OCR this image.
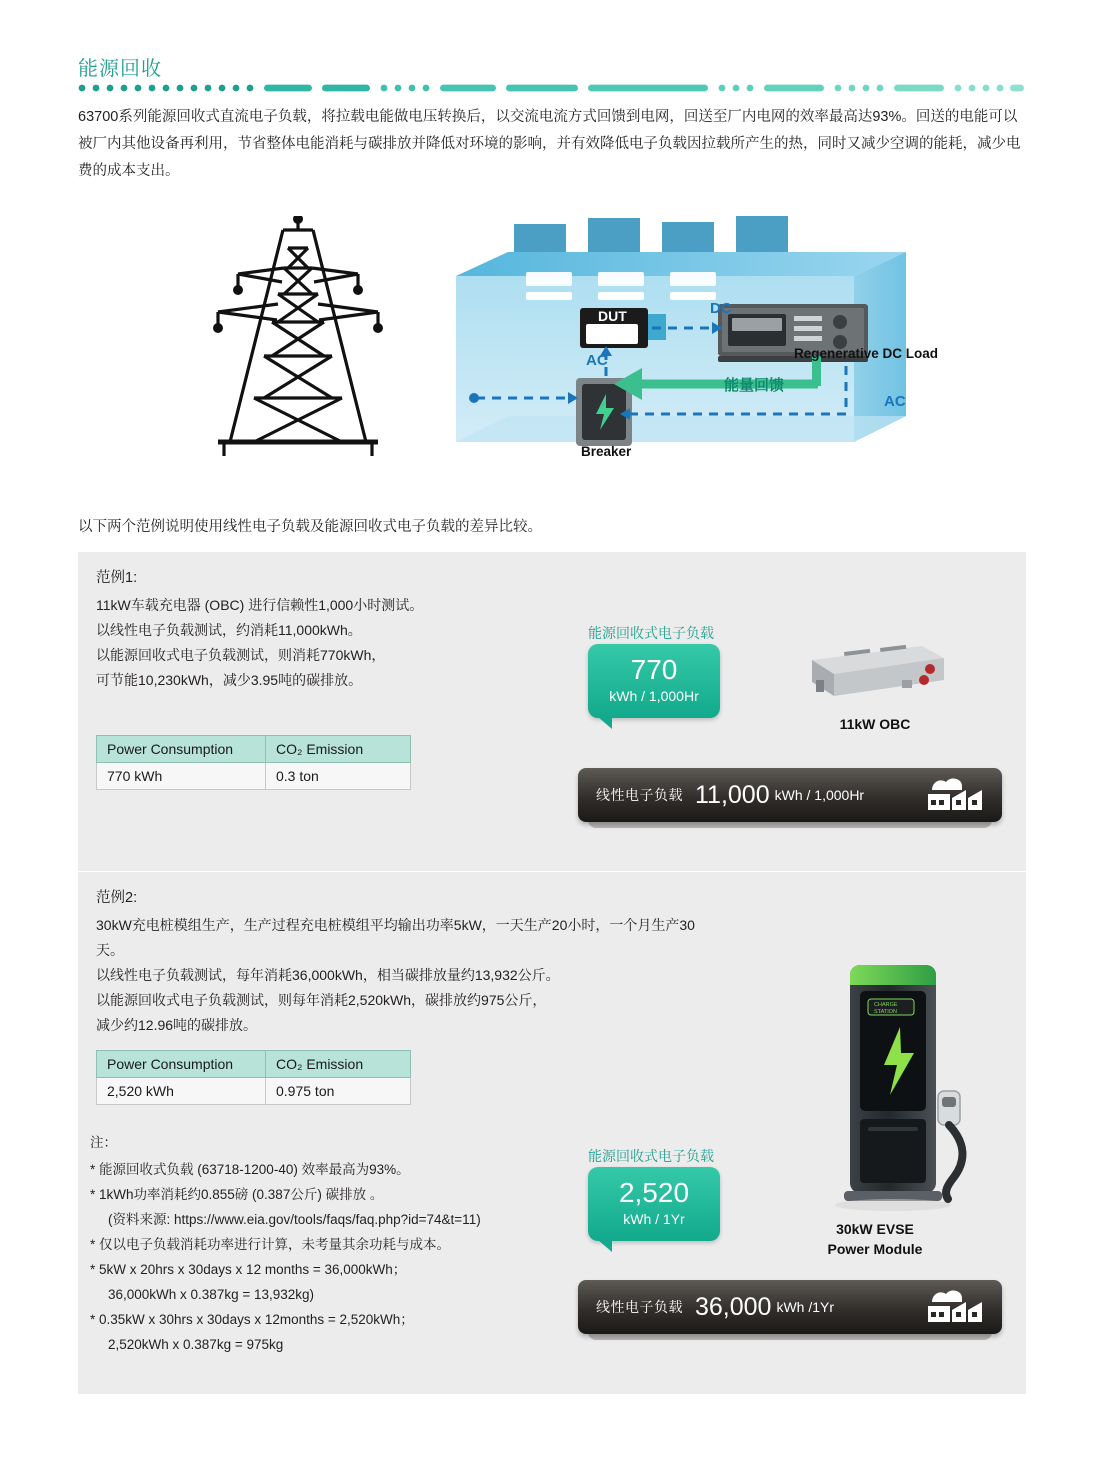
能源回收
63700系列能源回收式直流电子负载，将拉载电能做电压转换后，以交流电流方式回馈到电网，回送至厂内电网的效率最高达93%。回送的电能可以被厂内其他设备再利用，节省整体电能消耗与碳排放并降低对环境的影响，并有效降低电子负载因拉载所产生的热，同时又减少空调的能耗，减少电费的成本支出。
DUT	DC
AC
AC
能量回馈
Regenerative DC Load
Breaker
以下两个范例说明使用线性电子负载及能源回收式电子负载的差异比较。
范例1:
11kW车载充电器 (OBC) 进行信赖性1,000小时测试。
以线性电子负载测试，约消耗11,000kWh。
以能源回收式电子负载测试，则消耗770kWh，
可节能10,230kWh，减少3.95吨的碳排放。
Power Consumption	CO₂ Emission
770 kWh	0.3 ton
能源回收式电子负载
770
kWh / 1,000Hr
线性电子负载 11,000 kWh / 1,000Hr
11kW OBC
范例2:
30kW充电桩模组生产，生产过程充电桩模组平均输出功率5kW，一天生产20小时，一个月生产30天。
以线性电子负载测试，每年消耗36,000kWh，相当碳排放量约13,932公斤。
以能源回收式电子负载测试，则每年消耗2,520kWh，碳排放约975公斤，
减少约12.96吨的碳排放。
Power Consumption	CO₂ Emission
2,520 kWh	0.975 ton
注：
* 能源回收式负载 (63718-1200-40) 效率最高为93%。
* 1kWh功率消耗约0.855磅 (0.387公斤) 碳排放 。
(资料来源: https://www.eia.gov/tools/faqs/faq.php?id=74&t=11)
* 仅以电子负载消耗功率进行计算，未考量其余功耗与成本。
* 5kW x 20hrs x 30days x 12 months = 36,000kWh；
36,000kWh x 0.387kg = 13,932kg)
* 0.35kW x 30hrs x 30days x 12months = 2,520kWh；
2,520kWh x 0.387kg = 975kg
能源回收式电子负载
2,520
kWh / 1Yr
线性电子负载 36,000 kWh /1Yr
CHARGE
STATION
30kW EVSE
Power Module
